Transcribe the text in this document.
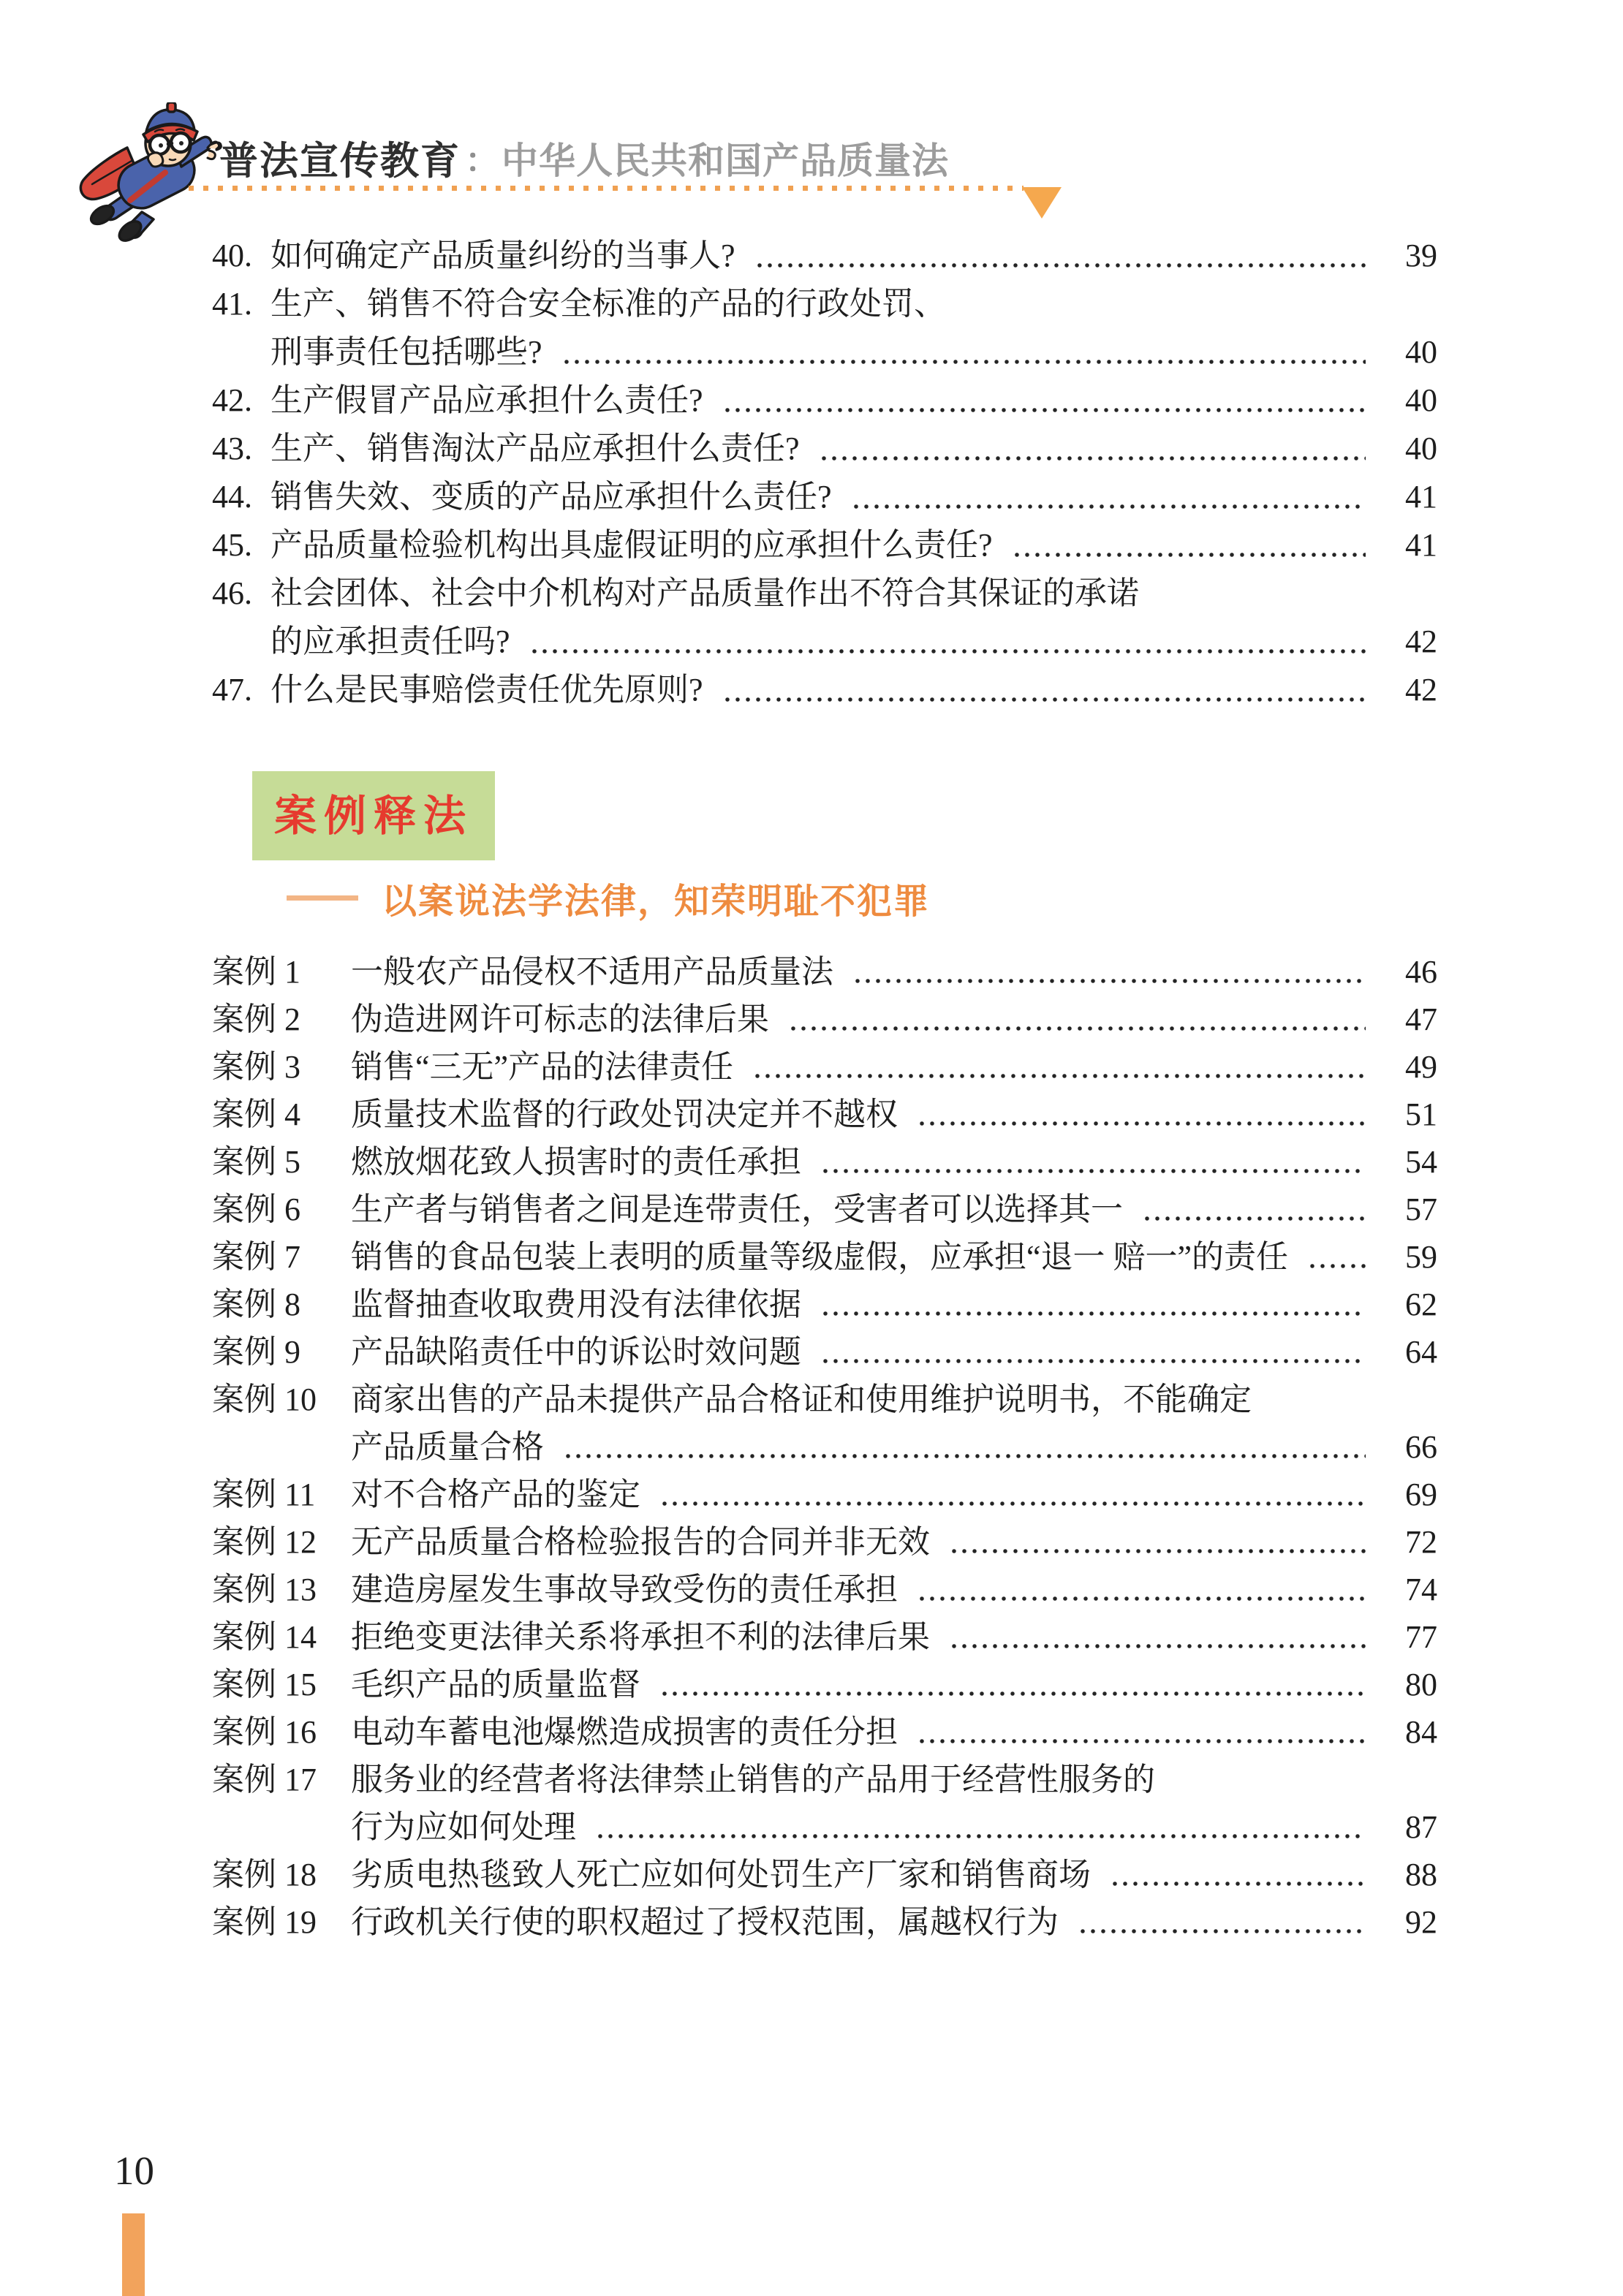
普法宣传教育 ： 中华人民共和国产品质量法
40. 如何确定产品质量纠纷的当事人?	39
41. 生产、销售不符合安全标准的产品的行政处罚、
刑事责任包括哪些?	40
42. 生产假冒产品应承担什么责任?	40
43. 生产、销售淘汰产品应承担什么责任?	40
44. 销售失效、变质的产品应承担什么责任?	41
45. 产品质量检验机构出具虚假证明的应承担什么责任?	41
46. 社会团体、社会中介机构对产品质量作出不符合其保证的承诺
的应承担责任吗?	42
47. 什么是民事赔偿责任优先原则?	42
案例释法
以案说法学法律，知荣明耻不犯罪
案例 1	一般农产品侵权不适用产品质量法	46
案例 2	伪造进网许可标志的法律后果	47
案例 3	销售“三无”产品的法律责任	49
案例 4	质量技术监督的行政处罚决定并不越权	51
案例 5	燃放烟花致人损害时的责任承担	54
案例 6	生产者与销售者之间是连带责任，受害者可以选择其一	57
案例 7	销售的食品包装上表明的质量等级虚假，应承担“退一 赔一”的责任	59
案例 8	监督抽查收取费用没有法律依据	62
案例 9	产品缺陷责任中的诉讼时效问题	64
案例 10	商家出售的产品未提供产品合格证和使用维护说明书，不能确定
产品质量合格	66
案例 11	对不合格产品的鉴定	69
案例 12	无产品质量合格检验报告的合同并非无效	72
案例 13	建造房屋发生事故导致受伤的责任承担	74
案例 14	拒绝变更法律关系将承担不利的法律后果	77
案例 15	毛织产品的质量监督	80
案例 16	电动车蓄电池爆燃造成损害的责任分担	84
案例 17	服务业的经营者将法律禁止销售的产品用于经营性服务的
行为应如何处理	87
案例 18	劣质电热毯致人死亡应如何处罚生产厂家和销售商场	88
案例 19	行政机关行使的职权超过了授权范围，属越权行为	92
10
